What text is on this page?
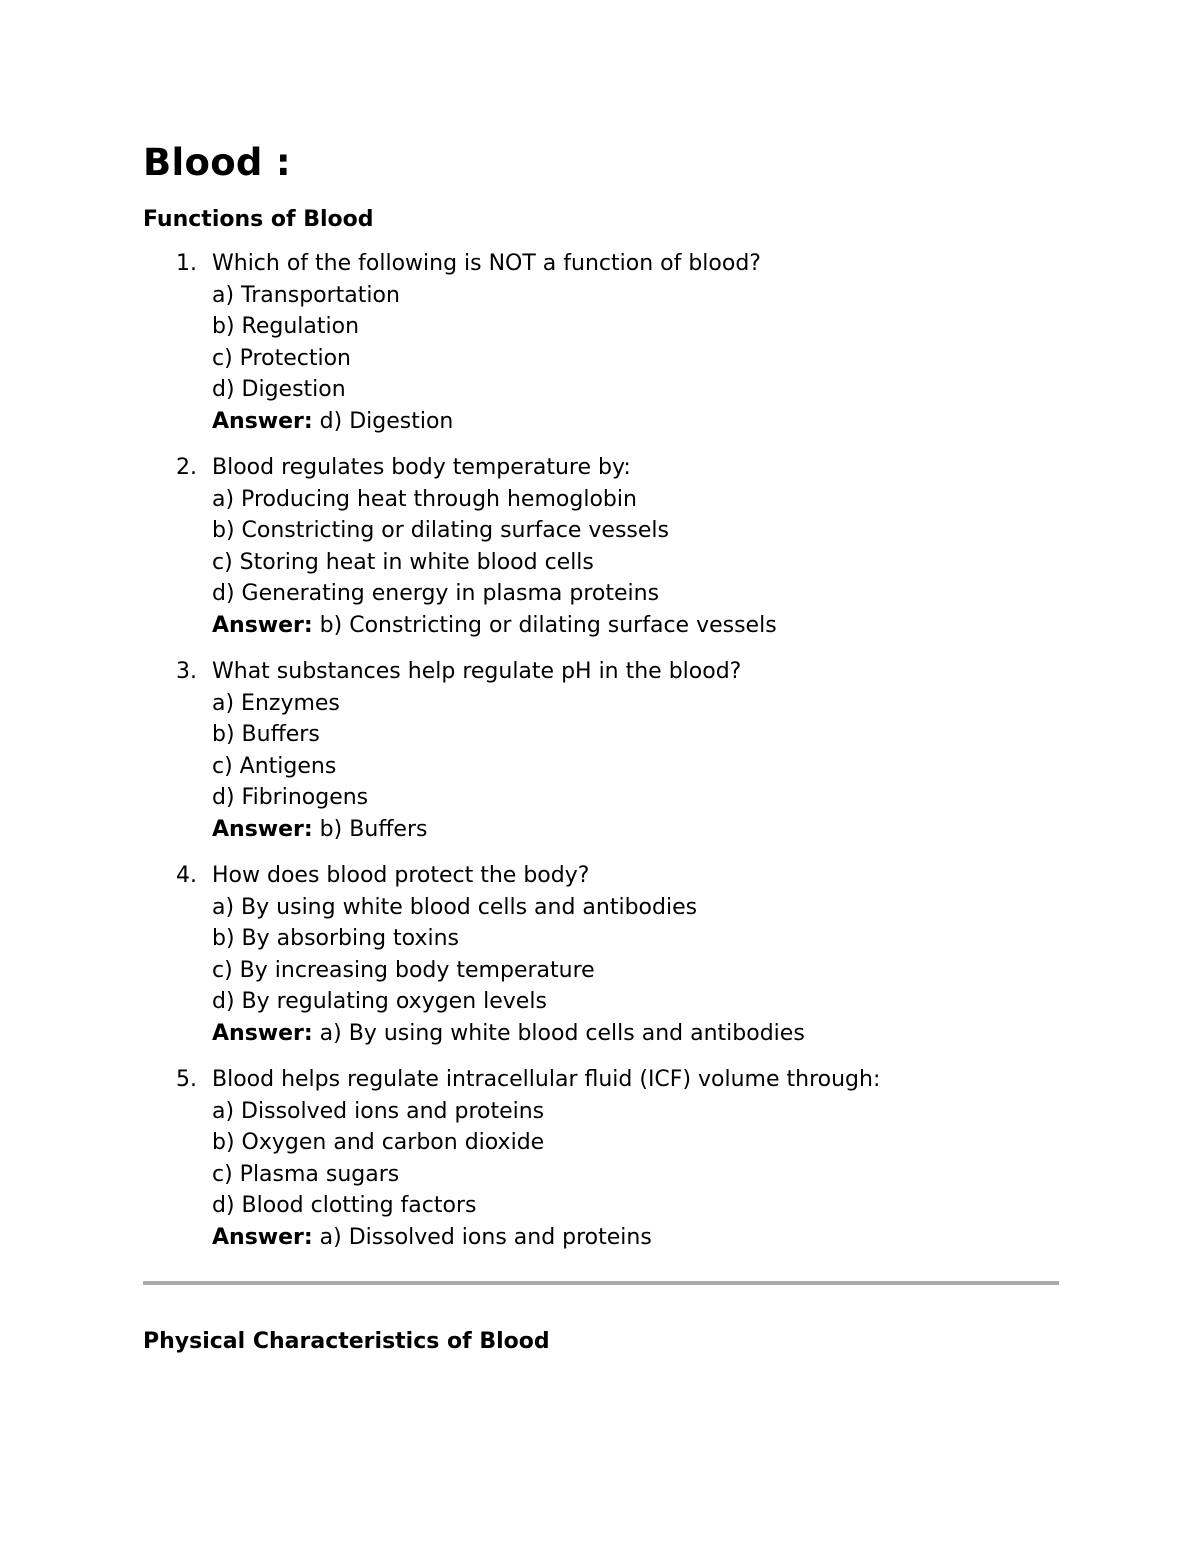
Blood :
Functions of Blood
1. Which of the following is NOT a function of blood?
a) Transportation
b) Regulation
c) Protection
d) Digestion
Answer: d) Digestion
2. Blood regulates body temperature by:
a) Producing heat through hemoglobin
b) Constricting or dilating surface vessels
c) Storing heat in white blood cells
d) Generating energy in plasma proteins
Answer: b) Constricting or dilating surface vessels
3. What substances help regulate pH in the blood?
a) Enzymes
b) Buffers
c) Antigens
d) Fibrinogens
Answer: b) Buffers
4. How does blood protect the body?
a) By using white blood cells and antibodies
b) By absorbing toxins
c) By increasing body temperature
d) By regulating oxygen levels
Answer: a) By using white blood cells and antibodies
5. Blood helps regulate intracellular fluid (ICF) volume through:
a) Dissolved ions and proteins
b) Oxygen and carbon dioxide
c) Plasma sugars
d) Blood clotting factors
Answer: a) Dissolved ions and proteins
Physical Characteristics of Blood
